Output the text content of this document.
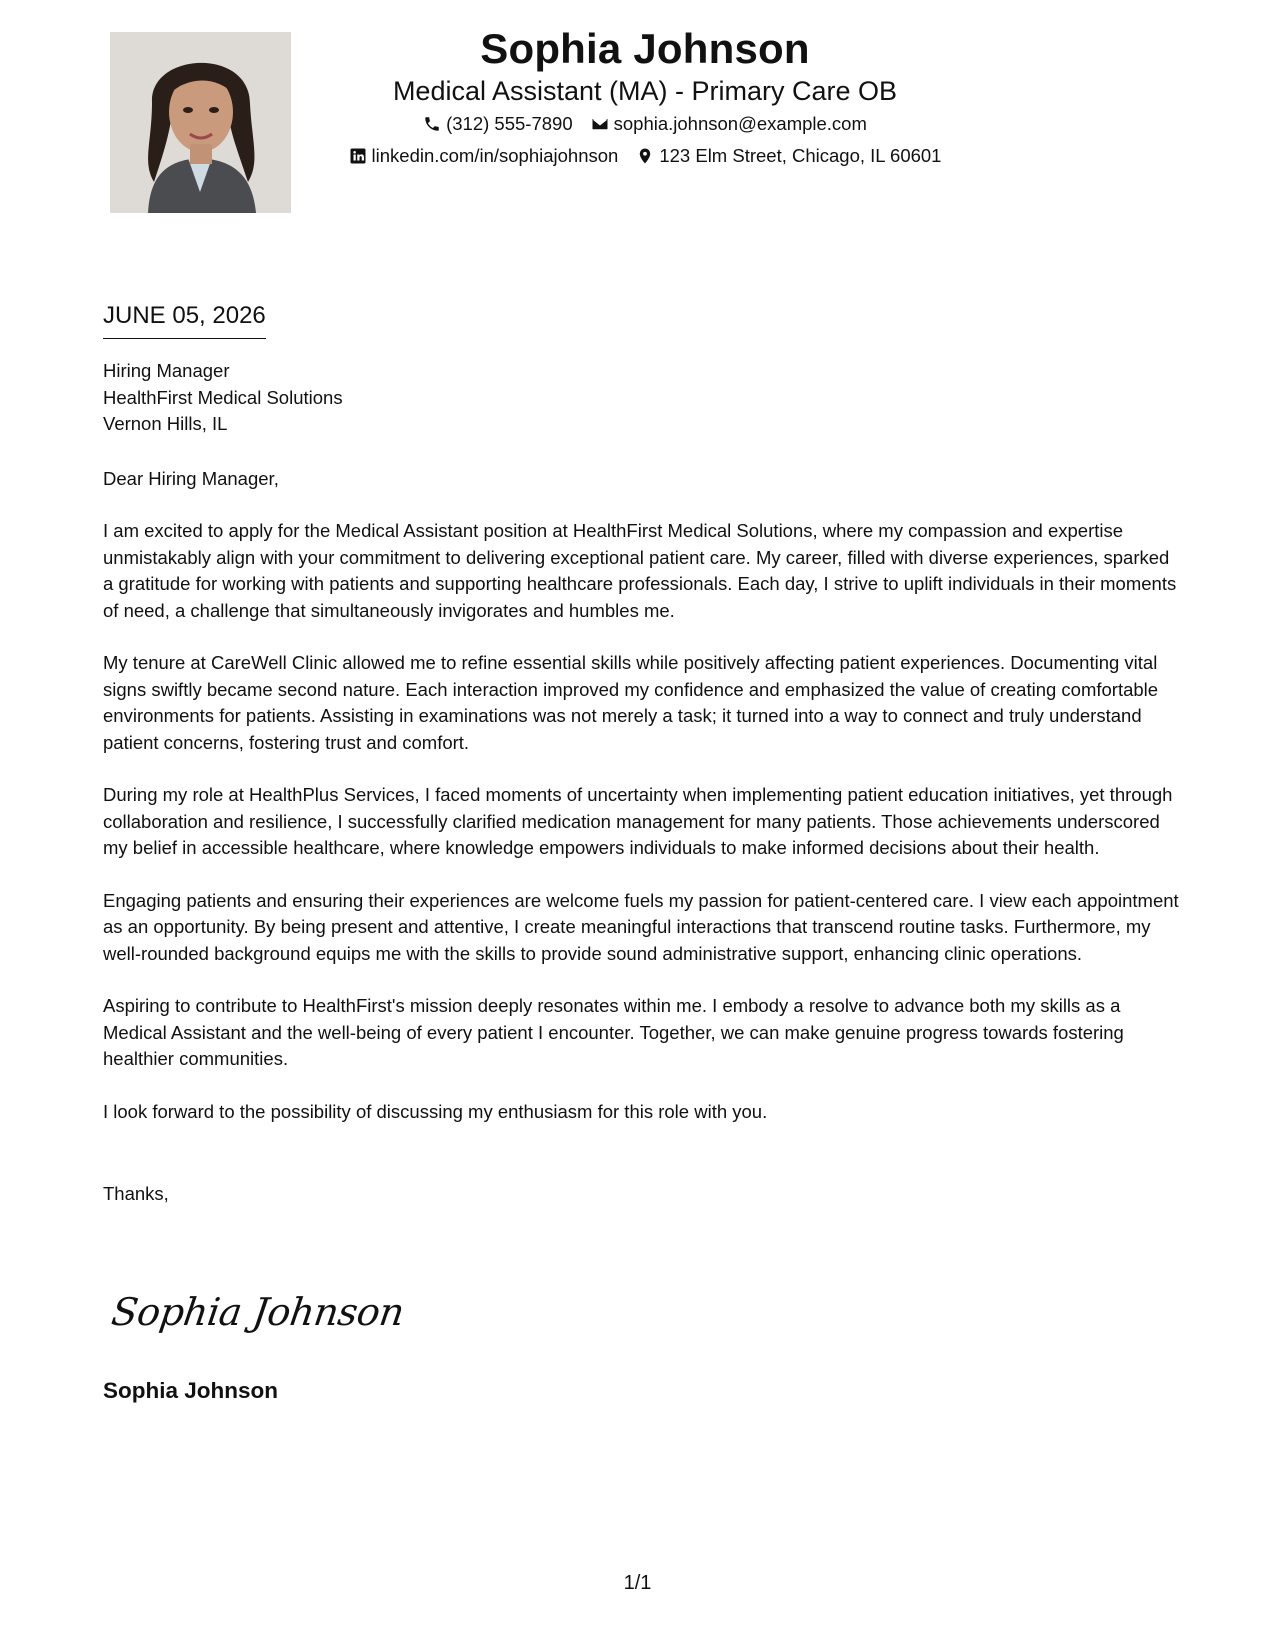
Sophia Johnson
Medical Assistant (MA) - Primary Care OB
(312) 555-7890 sophia.johnson@example.com
linkedin.com/in/sophiajohnson 123 Elm Street, Chicago, IL 60601
JUNE 05, 2026
Hiring Manager
HealthFirst Medical Solutions
Vernon Hills, IL
Dear Hiring Manager,
I am excited to apply for the Medical Assistant position at HealthFirst Medical Solutions, where my compassion and expertise unmistakably align with your commitment to delivering exceptional patient care. My career, filled with diverse experiences, sparked a gratitude for working with patients and supporting healthcare professionals. Each day, I strive to uplift individuals in their moments of need, a challenge that simultaneously invigorates and humbles me.
My tenure at CareWell Clinic allowed me to refine essential skills while positively affecting patient experiences. Documenting vital signs swiftly became second nature. Each interaction improved my confidence and emphasized the value of creating comfortable environments for patients. Assisting in examinations was not merely a task; it turned into a way to connect and truly understand patient concerns, fostering trust and comfort.
During my role at HealthPlus Services, I faced moments of uncertainty when implementing patient education initiatives, yet through collaboration and resilience, I successfully clarified medication management for many patients. Those achievements underscored my belief in accessible healthcare, where knowledge empowers individuals to make informed decisions about their health.
Engaging patients and ensuring their experiences are welcome fuels my passion for patient-centered care. I view each appointment as an opportunity. By being present and attentive, I create meaningful interactions that transcend routine tasks. Furthermore, my well-rounded background equips me with the skills to provide sound administrative support, enhancing clinic operations.
Aspiring to contribute to HealthFirst's mission deeply resonates within me. I embody a resolve to advance both my skills as a Medical Assistant and the well-being of every patient I encounter. Together, we can make genuine progress towards fostering healthier communities.
I look forward to the possibility of discussing my enthusiasm for this role with you.
Thanks,
Sophia Johnson
Sophia Johnson
1/1
